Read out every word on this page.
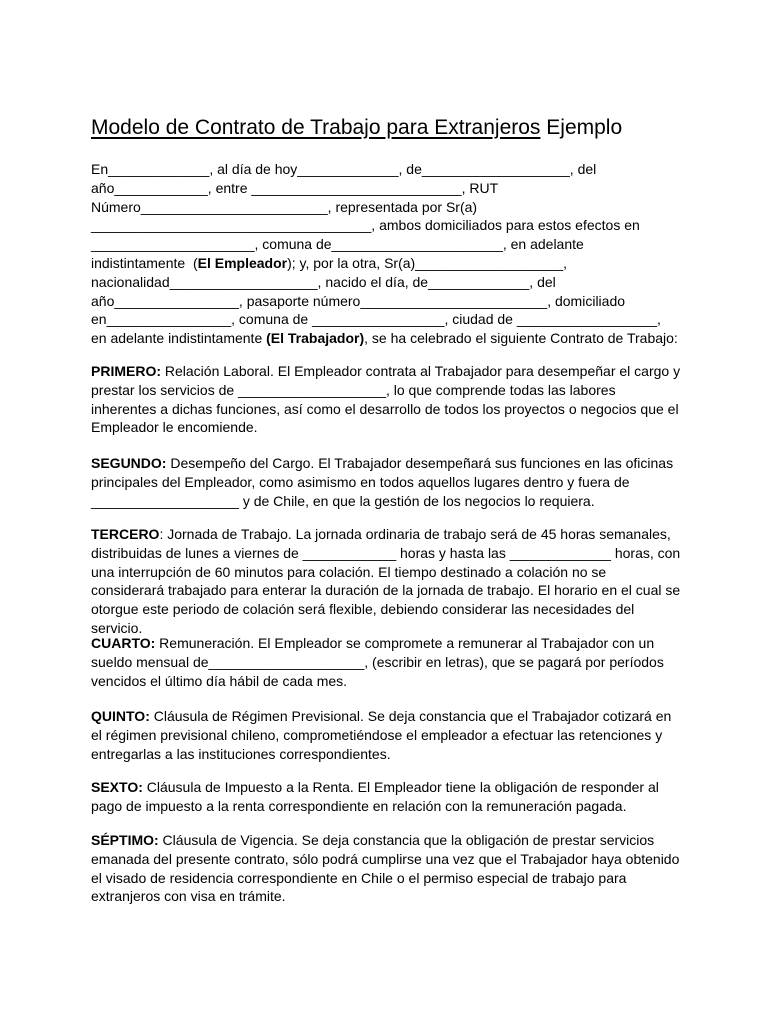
Modelo de Contrato de Trabajo para Extranjeros Ejemplo
En_____________, al día de hoy_____________, de___________________, del
año____________, entre ___________________________, RUT
Número________________________, representada por Sr(a)
____________________________________, ambos domiciliados para estos efectos en
_____________________, comuna de______________________, en adelante
indistintamente  (El Empleador); y, por la otra, Sr(a)___________________,
nacionalidad___________________, nacido el día, de_____________, del
año________________, pasaporte número________________________, domiciliado
en________________, comuna de _________________, ciudad de __________________,
en adelante indistintamente (El Trabajador), se ha celebrado el siguiente Contrato de Trabajo:

PRIMERO: Relación Laboral. El Empleador contrata al Trabajador para desempeñar el cargo y prestar los servicios de ___________________, lo que comprende todas las labores inherentes a dichas funciones, así como el desarrollo de todos los proyectos o negocios que el Empleador le encomiende.

SEGUNDO: Desempeño del Cargo. El Trabajador desempeñará sus funciones en las oficinas principales del Empleador, como asimismo en todos aquellos lugares dentro y fuera de ___________________ y de Chile, en que la gestión de los negocios lo requiera.

TERCERO: Jornada de Trabajo. La jornada ordinaria de trabajo será de 45 horas semanales, distribuidas de lunes a viernes de ____________ horas y hasta las _____________ horas, con una interrupción de 60 minutos para colación. El tiempo destinado a colación no se considerará trabajado para enterar la duración de la jornada de trabajo. El horario en el cual se otorgue este periodo de colación será flexible, debiendo considerar las necesidades del servicio.

CUARTO: Remuneración. El Empleador se compromete a remunerar al Trabajador con un sueldo mensual de____________________, (escribir en letras), que se pagará por períodos vencidos el último día hábil de cada mes.

QUINTO: Cláusula de Régimen Previsional. Se deja constancia que el Trabajador cotizará en el régimen previsional chileno, comprometiéndose el empleador a efectuar las retenciones y entregarlas a las instituciones correspondientes.

SEXTO: Cláusula de Impuesto a la Renta. El Empleador tiene la obligación de responder al pago de impuesto a la renta correspondiente en relación con la remuneración pagada.

SÉPTIMO: Cláusula de Vigencia. Se deja constancia que la obligación de prestar servicios emanada del presente contrato, sólo podrá cumplirse una vez que el Trabajador haya obtenido el visado de residencia correspondiente en Chile o el permiso especial de trabajo para extranjeros con visa en trámite.
